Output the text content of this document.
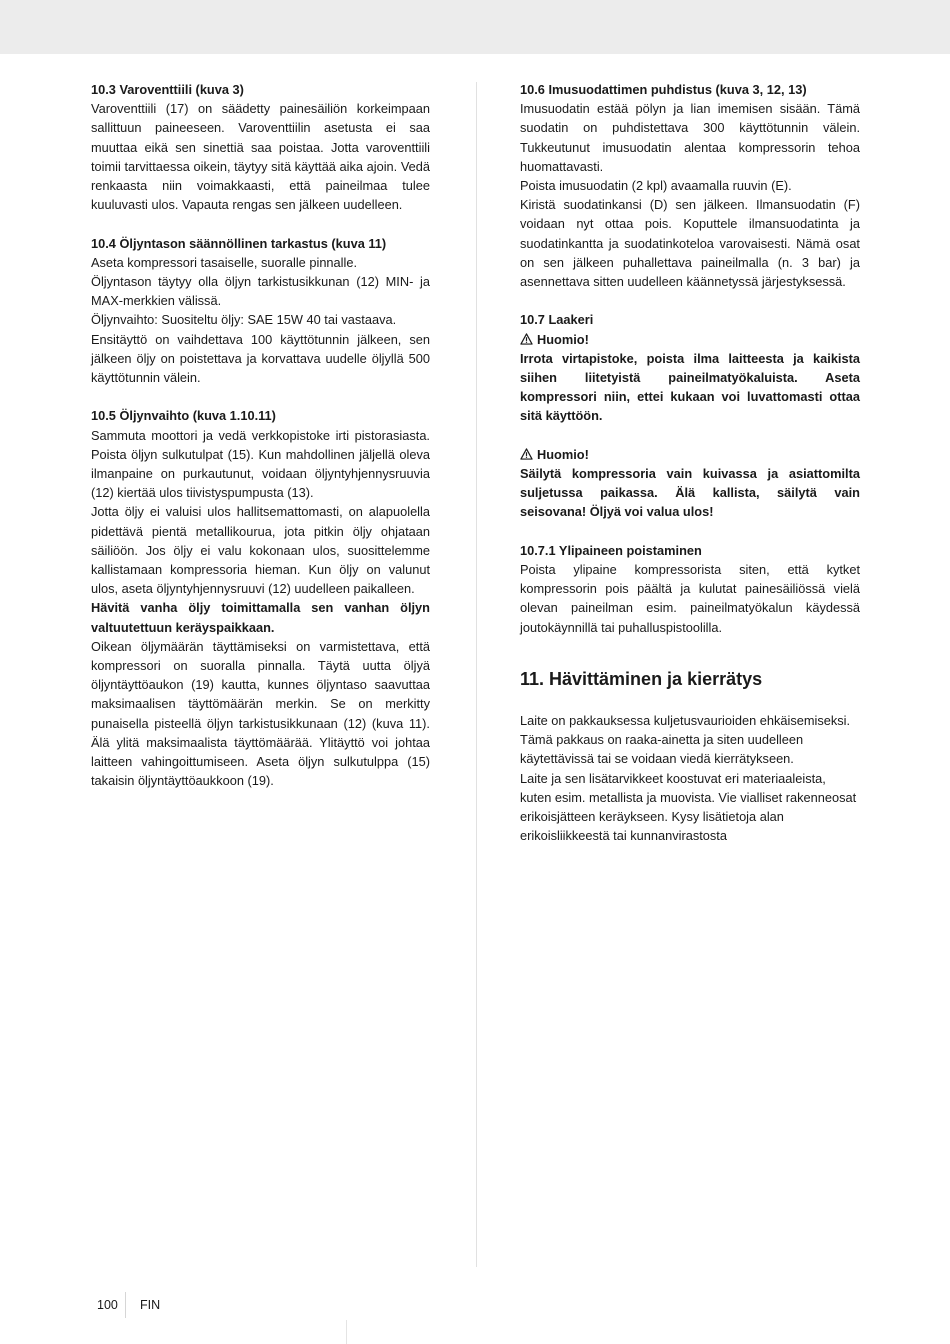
10.3 Varoventtiili (kuva 3)

Varoventtiili (17) on säädetty painesäiliön korkeimpaan sallittuun paineeseen. Varoventtiilin asetusta ei saa muuttaa eikä sen sinettiä saa poistaa. Jotta varoventtiili toimii tarvittaessa oikein, täytyy sitä käyttää aika ajoin. Vedä renkaasta niin voimakkaasti, että paineilmaa tulee kuuluvasti ulos. Vapauta rengas sen jälkeen uudelleen.

10.4 Öljyntason säännöllinen tarkastus (kuva 11)

Aseta kompressori tasaiselle, suoralle pinnalle.

Öljyntason täytyy olla öljyn tarkistusikkunan (12) MIN- ja MAX-merkkien välissä.

Öljynvaihto: Suositeltu öljy: SAE 15W 40 tai vastaava.

Ensitäyttö on vaihdettava 100 käyttötunnin jälkeen, sen jälkeen öljy on poistettava ja korvattava uudelle öljyllä 500 käyttötunnin välein.

10.5 Öljynvaihto (kuva 1.10.11)

Sammuta moottori ja vedä verkkopistoke irti pistorasiasta. Poista öljyn sulkutulpat (15). Kun mahdollinen jäljellä oleva ilmanpaine on purkautunut, voidaan öljyntyhjennysruuvia (12) kiertää ulos tiivistyspumpusta (13).

Jotta öljy ei valuisi ulos hallitsemattomasti, on alapuolella pidettävä pientä metallikourua, jota pitkin öljy ohjataan säiliöön. Jos öljy ei valu kokonaan ulos, suosittelemme kallistamaan kompressoria hieman. Kun öljy on valunut ulos, aseta öljyntyhjennysruuvi (12) uudelleen paikalleen.

Hävitä vanha öljy toimittamalla sen vanhan öljyn valtuutettuun keräyspaikkaan.

Oikean öljymäärän täyttämiseksi on varmistettava, että kompressori on suoralla pinnalla. Täytä uutta öljyä öljyntäyttöaukon (19) kautta, kunnes öljyntaso saavuttaa maksimaalisen täyttömäärän merkin. Se on merkitty punaisella pisteellä öljyn tarkistusikkunaan (12) (kuva 11). Älä ylitä maksimaalista täyttömäärää. Ylitäyttö voi johtaa laitteen vahingoittumiseen. Aseta öljyn sulkutulppa (15) takaisin öljyntäyttöaukkoon (19).

10.6 Imusuodattimen puhdistus (kuva 3, 12, 13)

Imusuodatin estää pölyn ja lian imemisen sisään. Tämä suodatin on puhdistettava 300 käyttötunnin välein. Tukkeutunut imusuodatin alentaa kompressorin tehoa huomattavasti.

Poista imusuodatin (2 kpl) avaamalla ruuvin (E).

Kiristä suodatinkansi (D) sen jälkeen. Ilmansuodatin (F) voidaan nyt ottaa pois. Koputtele ilmansuodatinta ja suodatinkantta ja suodatinkoteloa varovaisesti. Nämä osat on sen jälkeen puhallettava paineilmalla (n. 3 bar) ja asennettava sitten uudelleen käännetyssä järjestyksessä.

10.7 Laakeri

Huomio!

Irrota virtapistoke, poista ilma laitteesta ja kaikista siihen liitetyistä paineilmatyökaluista. Aseta kompressori niin, ettei kukaan voi luvattomasti ottaa sitä käyttöön.

Huomio!

Säilytä kompressoria vain kuivassa ja asiattomilta suljetussa paikassa. Älä kallista, säilytä vain seisovana! Öljyä voi valua ulos!

10.7.1 Ylipaineen poistaminen

Poista ylipaine kompressorista siten, että kytket kompressorin pois päältä ja kulutat painesäiliössä vielä olevan paineilman esim. paineilmatyökalun käydessä joutokäynnillä tai puhalluspistoolilla.

11. Hävittäminen ja kierrätys

Laite on pakkauksessa kuljetusvaurioiden ehkäisemiseksi. Tämä pakkaus on raaka-ainetta ja siten uudelleen käytettävissä tai se voidaan viedä kierrätykseen.

Laite ja sen lisätarvikkeet koostuvat eri materiaaleista, kuten esim. metallista ja muovista. Vie vialliset rakenneosat erikoisjätteen keräykseen. Kysy lisätietoja alan erikoisliikkeestä tai kunnanvirastosta

100 FIN
